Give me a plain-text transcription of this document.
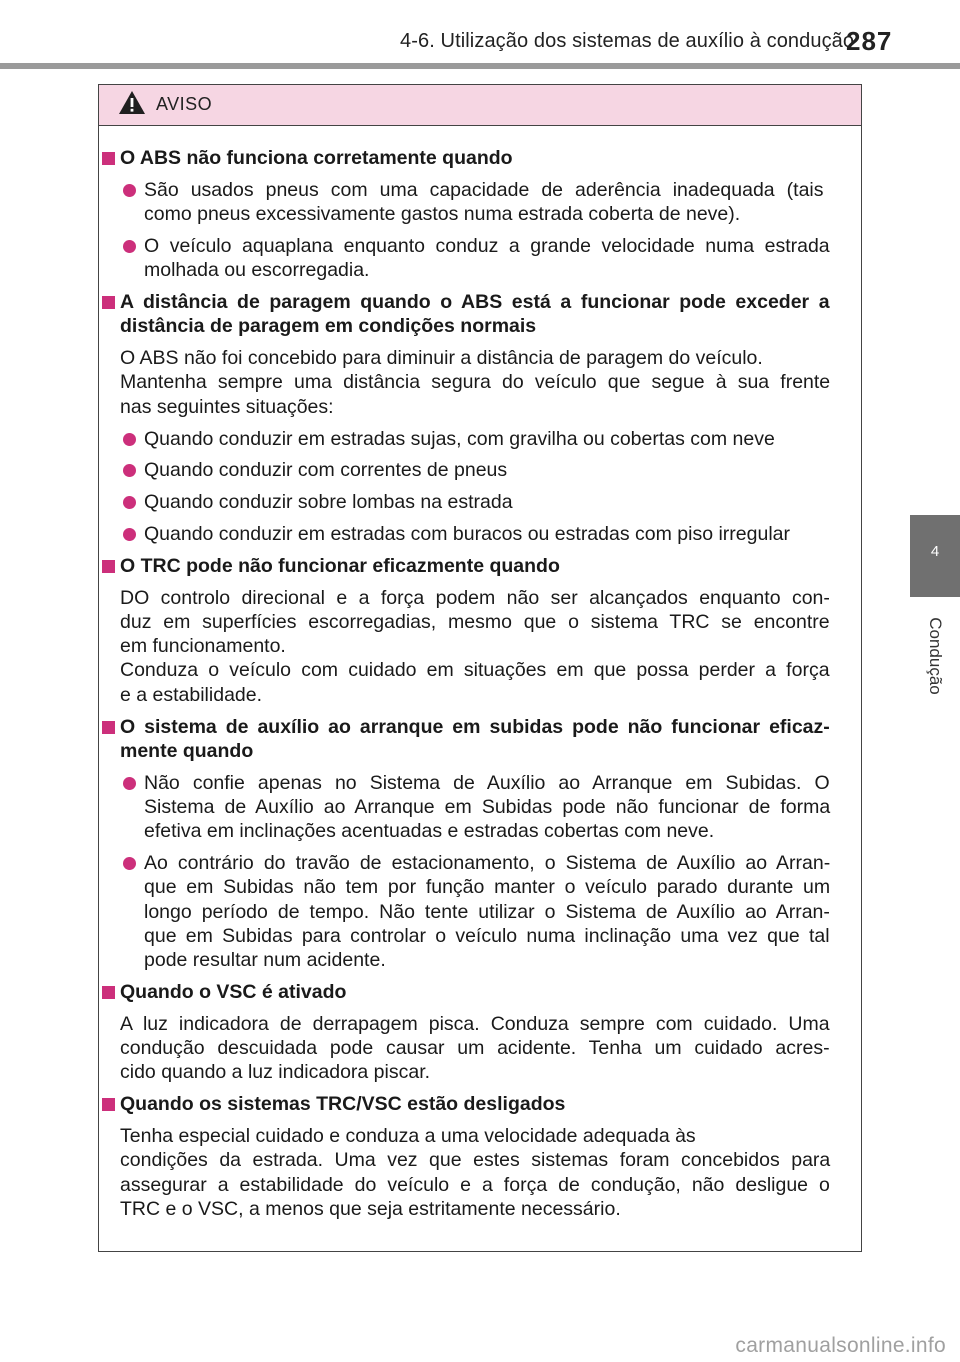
4-6. Utilização dos sistemas de auxílio à condução
287
4
Condução
AVISO
O ABS não funciona corretamente quando
São usados pneus com uma capacidade de aderência inadequada (tais
como pneus excessivamente gastos numa estrada coberta de neve).
O veículo aquaplana enquanto conduz a grande velocidade numa estrada
molhada ou escorregadia.
A distância de paragem quando o ABS está a funcionar pode exceder a
distância de paragem em condições normais
O ABS não foi concebido para diminuir a distância de paragem do veículo.
Mantenha sempre uma distância segura do veículo que segue à sua frente
nas seguintes situações:
Quando conduzir em estradas sujas, com gravilha ou cobertas com neve
Quando conduzir com correntes de pneus
Quando conduzir sobre lombas na estrada
Quando conduzir em estradas com buracos ou estradas com piso irregular
O TRC pode não funcionar eficazmente quando
DO controlo direcional e a força podem não ser alcançados enquanto con-
duz em superfícies escorregadias, mesmo que o sistema TRC se encontre
em funcionamento.
Conduza o veículo com cuidado em situações em que possa perder a força
e a estabilidade.
O sistema de auxílio ao arranque em subidas pode não funcionar eficaz-
mente quando
Não confie apenas no Sistema de Auxílio ao Arranque em Subidas. O
Sistema de Auxílio ao Arranque em Subidas pode não funcionar de forma
efetiva em inclinações acentuadas e estradas cobertas com neve.
Ao contrário do travão de estacionamento, o Sistema de Auxílio ao Arran-
que em Subidas não tem por função manter o veículo parado durante um
longo período de tempo. Não tente utilizar o Sistema de Auxílio ao Arran-
que em Subidas para controlar o veículo numa inclinação uma vez que tal
pode resultar num acidente.
Quando o VSC é ativado
A luz indicadora de derrapagem pisca. Conduza sempre com cuidado. Uma
condução descuidada pode causar um acidente. Tenha um cuidado acres-
cido quando a luz indicadora piscar.
Quando os sistemas TRC/VSC estão desligados
Tenha especial cuidado e conduza a uma velocidade adequada às
condições da estrada. Uma vez que estes sistemas foram concebidos para
assegurar a estabilidade do veículo e a força de condução, não desligue o
TRC e o VSC, a menos que seja estritamente necessário.
carmanualsonline.info
